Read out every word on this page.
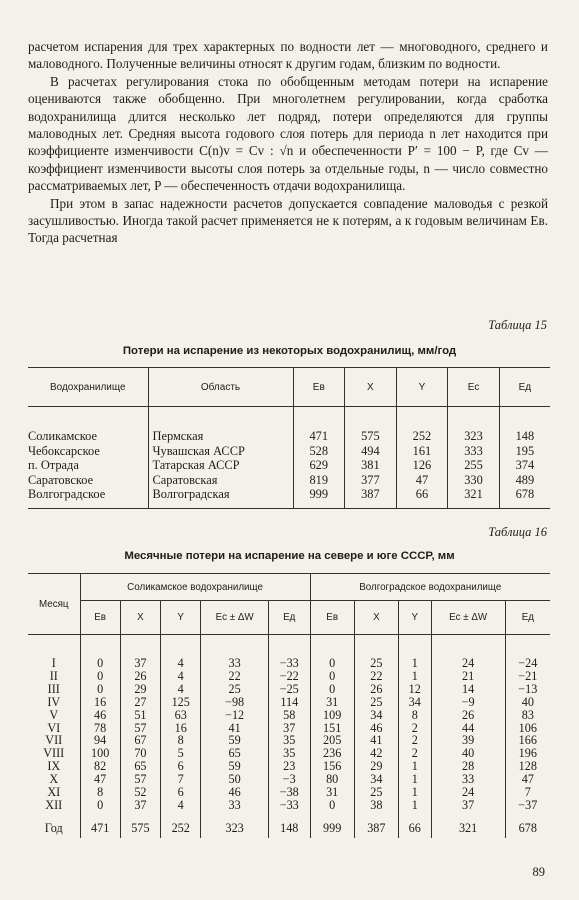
расчетом испарения для трех характерных по водности лет — многоводного, среднего и маловодного. Полученные величины относят к другим годам, близким по водности.

В расчетах регулирования стока по обобщенным методам потери на испарение оцениваются также обобщенно. При многолетнем регулировании, когда сработка водохранилища длится несколько лет подряд, потери определяются для группы маловодных лет. Средняя высота годового слоя потерь для периода n лет находится при коэффициенте изменчивости C(n)v = Cv : √n и обеспеченности P′ = 100 − P, где Cv — коэффициент изменчивости высоты слоя потерь за отдельные годы, n — число совместно рассматриваемых лет, P — обеспеченность отдачи водохранилища.

При этом в запас надежности расчетов допускается совпадение маловодья с резкой засушливостью. Иногда такой расчет применяется не к потерям, а к годовым величинам Eв. Тогда расчетная

Таблица 15
Потери на испарение из некоторых водохранилищ, мм/год
Водохранилище	Область	Eв	X	Y	Ec	Eд
Соликамское	Пермская	471	575	252	323	148
Чебоксарское	Чувашская АССР	528	494	161	333	195
п. Отрада	Татарская АССР	629	381	126	255	374
Саратовское	Саратовская	819	377	47	330	489
Волгоградское	Волгоградская	999	387	66	321	678
Таблица 16
Месячные потери на испарение на севере и юге СССР, мм
Месяц	Соликамское водохранилище					Волгоградское водохранилище				
	Eв	X	Y	Ec ± ΔW	Eд	Eв	X	Y	Ec ± ΔW	Eд
I	0	37	4	33	−33	0	25	1	24	−24
II	0	26	4	22	−22	0	22	1	21	−21
III	0	29	4	25	−25	0	26	12	14	−13
IV	16	27	125	−98	114	31	25	34	−9	40
V	46	51	63	−12	58	109	34	8	26	83
VI	78	57	16	41	37	151	46	2	44	106
VII	94	67	8	59	35	205	41	2	39	166
VIII	100	70	5	65	35	236	42	2	40	196
IX	82	65	6	59	23	156	29	1	28	128
X	47	57	7	50	−3	80	34	1	33	47
XI	8	52	6	46	−38	31	25	1	24	7
XII	0	37	4	33	−33	0	38	1	37	−37
Год	471	575	252	323	148	999	387	66	321	678
89
